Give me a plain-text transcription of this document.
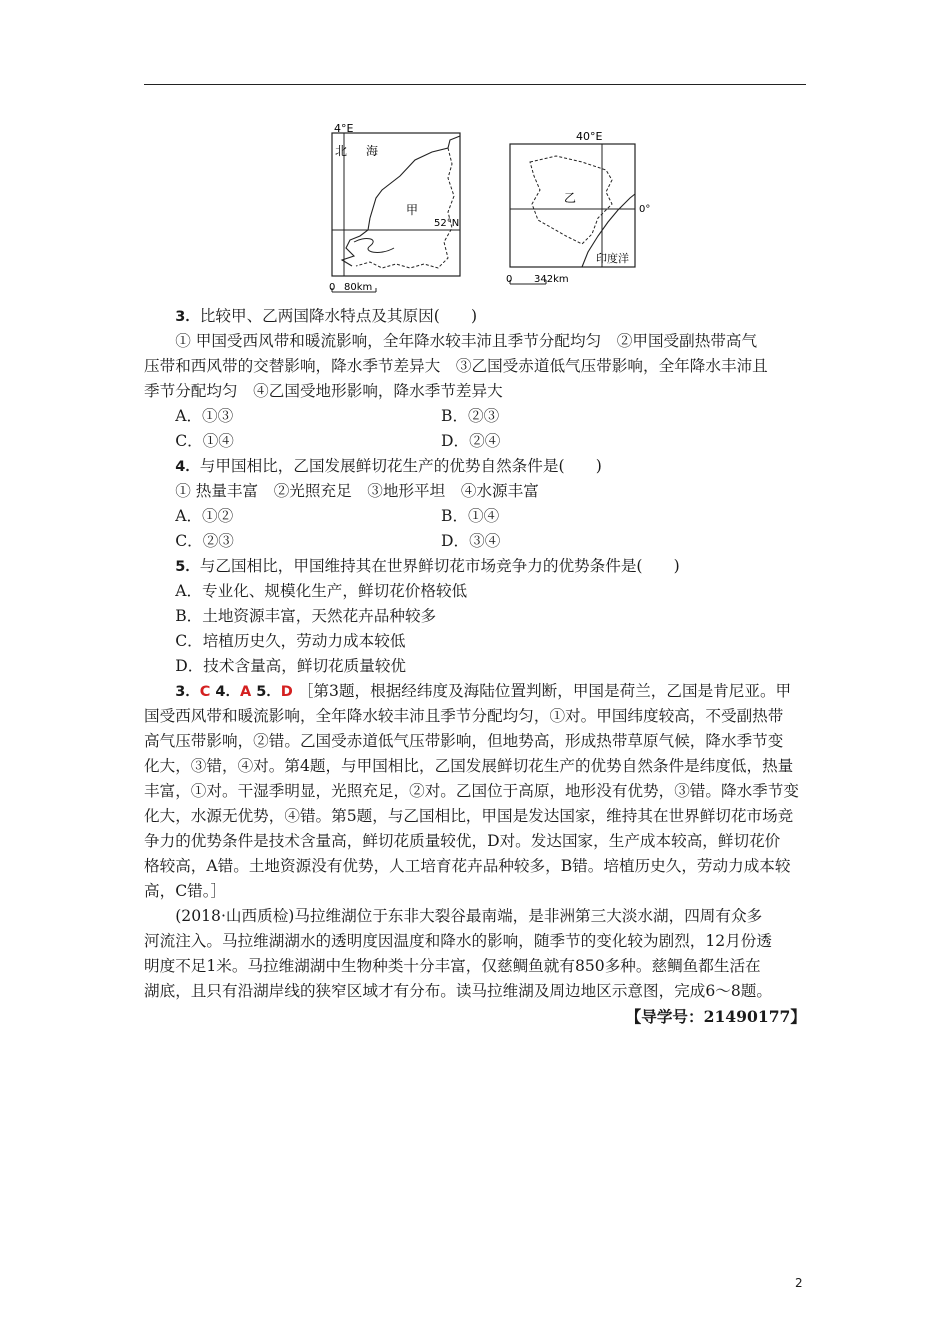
4°E
北 海
甲
52°N
0 80km
40°E
乙
0°
印度洋
0 342km
3．比较甲、乙两国降水特点及其原因(　　)
① 甲国受西风带和暖流影响，全年降水较丰沛且季节分配均匀　②甲国受副热带高气
压带和西风带的交替影响，降水季节差异大　③乙国受赤道低气压带影响，全年降水丰沛且
季节分配均匀　④乙国受地形影响，降水季节差异大
A．①③	B．②③
C．①④	D．②④
4．与甲国相比，乙国发展鲜切花生产的优势自然条件是(　　)
① 热量丰富　②光照充足　③地形平坦　④水源丰富
A．①②	B．①④
C．②③	D．③④
5．与乙国相比，甲国维持其在世界鲜切花市场竞争力的优势条件是(　　)
A．专业化、规模化生产，鲜切花价格较低
B．土地资源丰富，天然花卉品种较多
C．培植历史久，劳动力成本较低
D．技术含量高，鲜切花质量较优
3．C 4．A 5．D ［第3题，根据经纬度及海陆位置判断，甲国是荷兰，乙国是肯尼亚。甲
国受西风带和暖流影响，全年降水较丰沛且季节分配均匀，①对。甲国纬度较高，不受副热带
高气压带影响，②错。乙国受赤道低气压带影响，但地势高，形成热带草原气候，降水季节变
化大，③错，④对。第4题，与甲国相比，乙国发展鲜切花生产的优势自然条件是纬度低，热量
丰富，①对。干湿季明显，光照充足，②对。乙国位于高原，地形没有优势，③错。降水季节变
化大，水源无优势，④错。第5题，与乙国相比，甲国是发达国家，维持其在世界鲜切花市场竞
争力的优势条件是技术含量高，鲜切花质量较优，D对。发达国家，生产成本较高，鲜切花价
格较高，A错。土地资源没有优势，人工培育花卉品种较多，B错。培植历史久，劳动力成本较
高，C错。］
(2018·山西质检)马拉维湖位于东非大裂谷最南端，是非洲第三大淡水湖，四周有众多
河流注入。马拉维湖湖水的透明度因温度和降水的影响，随季节的变化较为剧烈，12月份透
明度不足1米。马拉维湖湖中生物种类十分丰富，仅慈鲷鱼就有850多种。慈鲷鱼都生活在
湖底，且只有沿湖岸线的狭窄区域才有分布。读马拉维湖及周边地区示意图，完成6～8题。
【导学号：21490177】
2
